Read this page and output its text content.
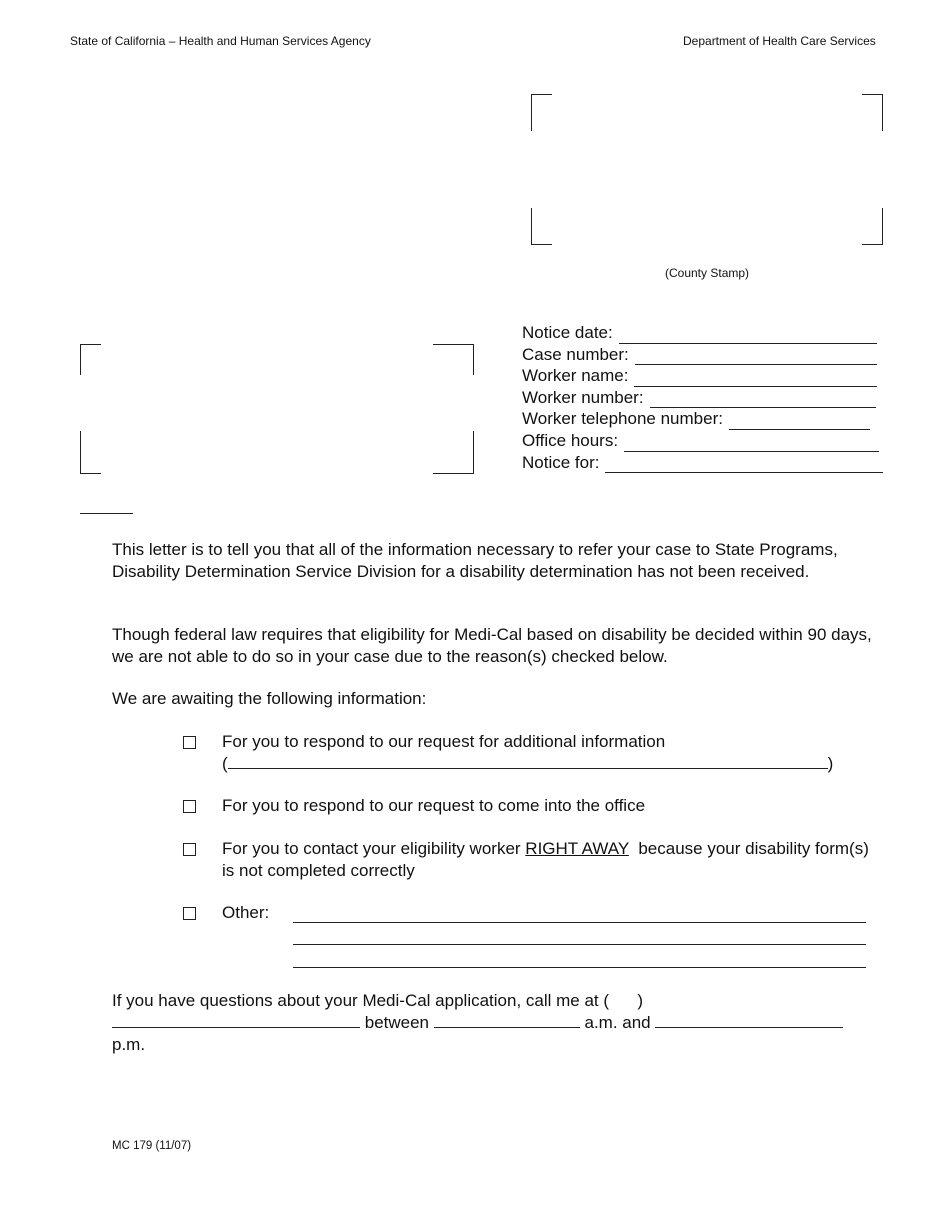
State of California – Health and Human Services Agency	Department of Health Care Services
(County Stamp)
Notice date:
Case number:
Worker name:
Worker number:
Worker telephone number:
Office hours:
Notice for:

This letter is to tell you that all of the information necessary to refer your case to State Programs, Disability Determination Service Division for a disability determination has not been received.

Though federal law requires that eligibility for Medi-Cal based on disability be decided within 90 days, we are not able to do so in your case due to the reason(s) checked below.

We are awaiting the following information:

For you to respond to our request for additional information
(	)
For you to respond to our request to come into the office
For you to contact your eligibility worker RIGHT AWAY  because your disability form(s) is not completed correctly
Other:
If you have questions about your Medi-Cal application, call me at (      )
between	a.m. and
p.m.
MC 179 (11/07)
